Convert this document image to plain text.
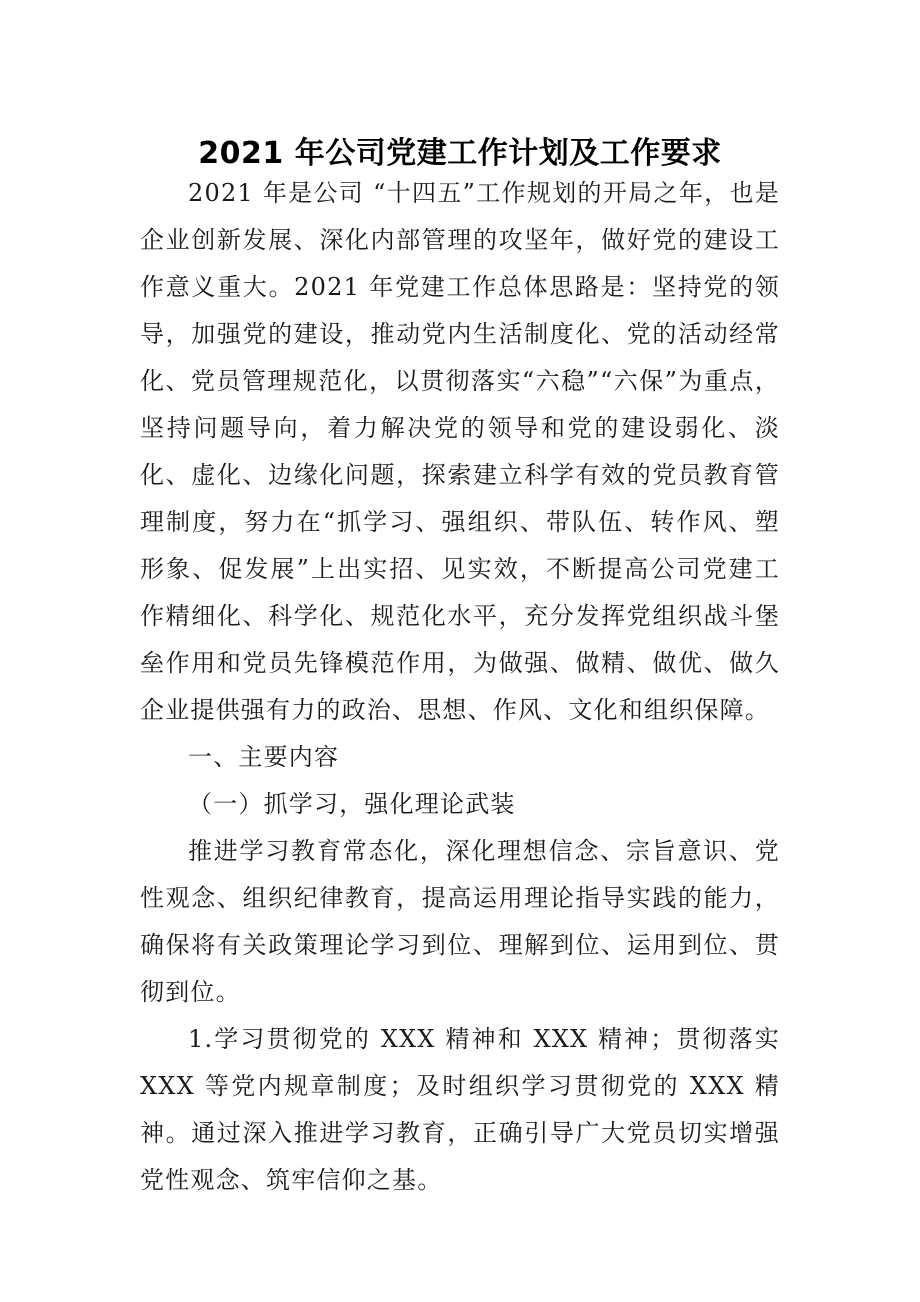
2021 年公司党建工作计划及工作要求

2021 年是公司 “十四五”工作规划的开局之年，也是企业创新发展、深化内部管理的攻坚年，做好党的建设工作意义重大。2021 年党建工作总体思路是：坚持党的领导，加强党的建设，推动党内生活制度化、党的活动经常化、党员管理规范化，以贯彻落实“六稳”“六保”为重点，坚持问题导向，着力解决党的领导和党的建设弱化、淡化、虚化、边缘化问题，探索建立科学有效的党员教育管理制度，努力在“抓学习、强组织、带队伍、转作风、塑形象、促发展”上出实招、见实效，不断提高公司党建工作精细化、科学化、规范化水平，充分发挥党组织战斗堡垒作用和党员先锋模范作用，为做强、做精、做优、做久企业提供强有力的政治、思想、作风、文化和组织保障。

一、主要内容

（一）抓学习，强化理论武装

推进学习教育常态化，深化理想信念、宗旨意识、党性观念、组织纪律教育，提高运用理论指导实践的能力，确保将有关政策理论学习到位、理解到位、运用到位、贯彻到位。

1.学习贯彻党的 XXX 精神和 XXX 精神；贯彻落实 XXX 等党内规章制度；及时组织学习贯彻党的 XXX 精神。通过深入推进学习教育，正确引导广大党员切实增强党性观念、筑牢信仰之基。
